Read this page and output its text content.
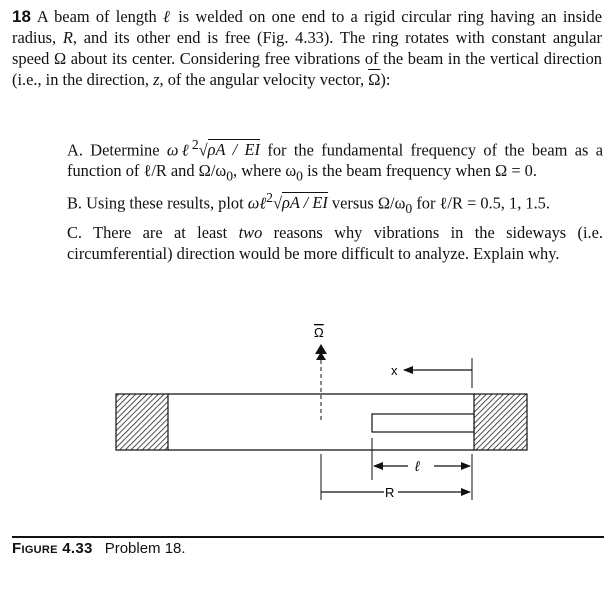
18 A beam of length ℓ is welded on one end to a rigid circular ring having an inside radius, R, and its other end is free (Fig. 4.33). The ring rotates with constant angular speed Ω about its center. Considering free vibrations of the beam in the vertical direction (i.e., in the direction, z, of the angular velocity vector, $\overline{\Omega}$):

A. Determine ωℓ$^2$√ρA / EI for the fundamental frequency of the beam as a function of ℓ/R and $\Omega/\omega_0$, where $\omega_0$ is the beam frequency when Ω = 0.

B. Using these results, plot ωℓ$^2$√ρA / EI versus $\Omega/\omega_0$ for ℓ/R = 0.5, 1, 1.5.

C. There are at least two reasons why vibrations in the sideways (i.e. circumferential) direction would be more difficult to analyze. Explain why.

Ω
x
ℓ
R
Figure 4.33 Problem 18.
